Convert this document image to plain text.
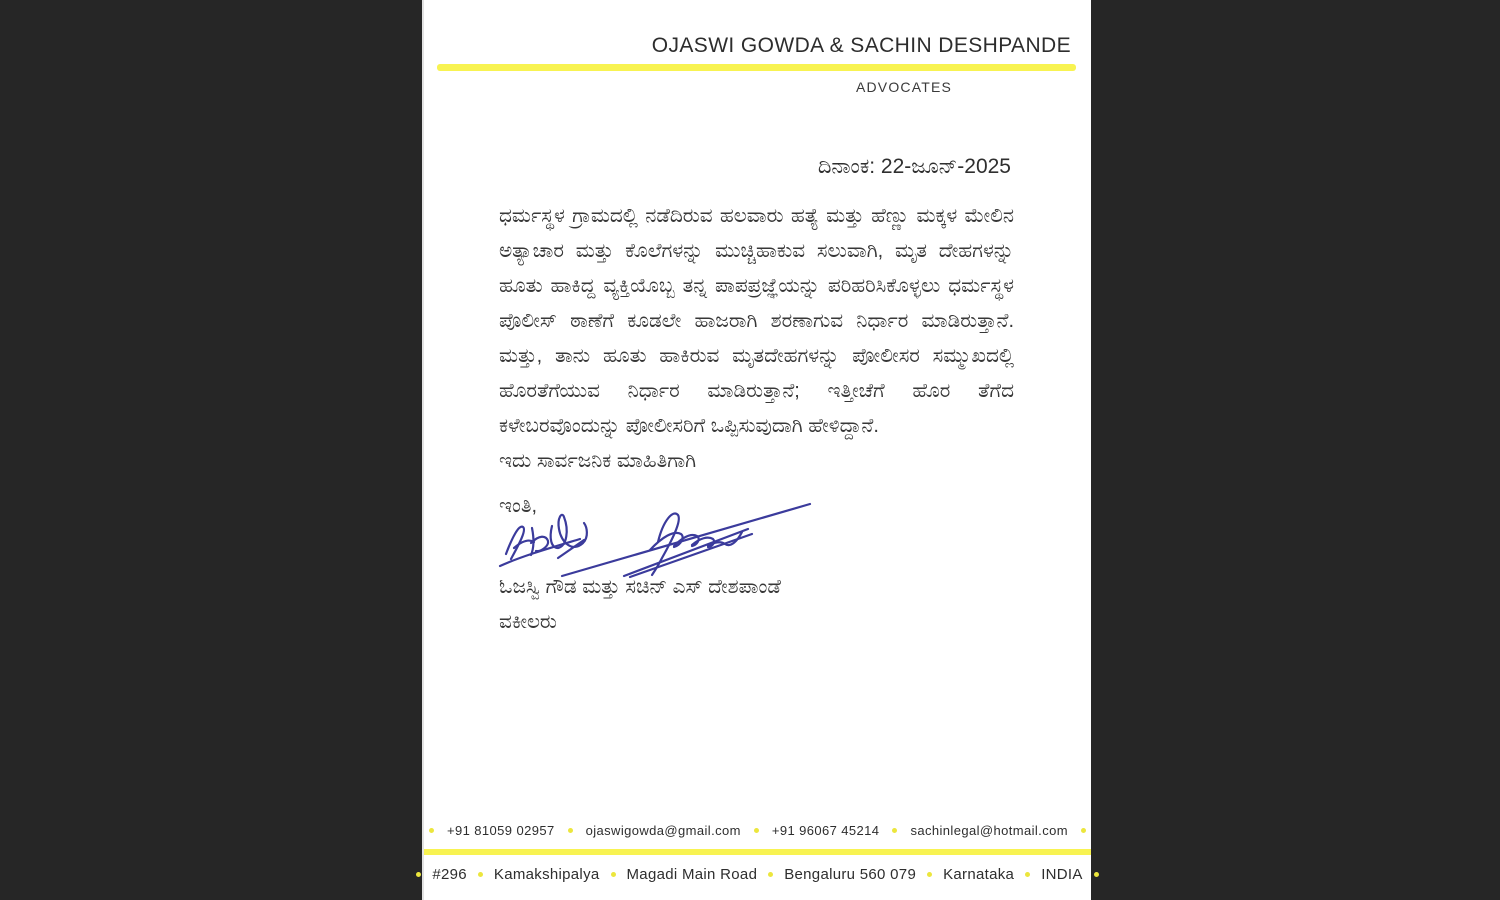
OJASWI GOWDA & SACHIN DESHPANDE
ADVOCATES
ದಿನಾಂಕ: 22-ಜೂನ್-2025
ಧರ್ಮಸ್ಥಳ ಗ್ರಾಮದಲ್ಲಿ ನಡೆದಿರುವ ಹಲವಾರು ಹತ್ಯೆ ಮತ್ತು ಹೆಣ್ಣು ಮಕ್ಕಳ ಮೇಲಿನ ಅತ್ಯಾಚಾರ ಮತ್ತು ಕೊಲೆಗಳನ್ನು ಮುಚ್ಚಿಹಾಕುವ ಸಲುವಾಗಿ, ಮೃತ ದೇಹಗಳನ್ನು ಹೂತು ಹಾಕಿದ್ದ ವ್ಯಕ್ತಿಯೊಬ್ಬ ತನ್ನ ಪಾಪಪ್ರಜ್ಞೆಯನ್ನು ಪರಿಹರಿಸಿಕೊಳ್ಳಲು ಧರ್ಮಸ್ಥಳ ಪೊಲೀಸ್ ಠಾಣೆಗೆ ಕೂಡಲೇ ಹಾಜರಾಗಿ ಶರಣಾಗುವ ನಿರ್ಧಾರ ಮಾಡಿರುತ್ತಾನೆ. ಮತ್ತು, ತಾನು ಹೂತು ಹಾಕಿರುವ ಮೃತದೇಹಗಳನ್ನು ಪೋಲೀಸರ ಸಮ್ಮುಖದಲ್ಲಿ ಹೊರತೆಗೆಯುವ ನಿರ್ಧಾರ ಮಾಡಿರುತ್ತಾನೆ; ಇತ್ತೀಚೆಗೆ ಹೊರ ತೆಗೆದ ಕಳೇಬರವೊಂದುನ್ನು ಪೋಲೀಸರಿಗೆ ಒಪ್ಪಿಸುವುದಾಗಿ ಹೇಳಿದ್ದಾನೆ.
ಇದು ಸಾರ್ವಜನಿಕ ಮಾಹಿತಿಗಾಗಿ
ಇಂತಿ,
ಓಜಸ್ವಿ ಗೌಡ ಮತ್ತು ಸಚಿನ್ ಎಸ್ ದೇಶಪಾಂಡೆ
ವಕೀಲರು
+91 81059 02957 ojaswigowda@gmail.com +91 96067 45214 sachinlegal@hotmail.com
#296 Kamakshipalya Magadi Main Road Bengaluru 560 079 Karnataka INDIA
